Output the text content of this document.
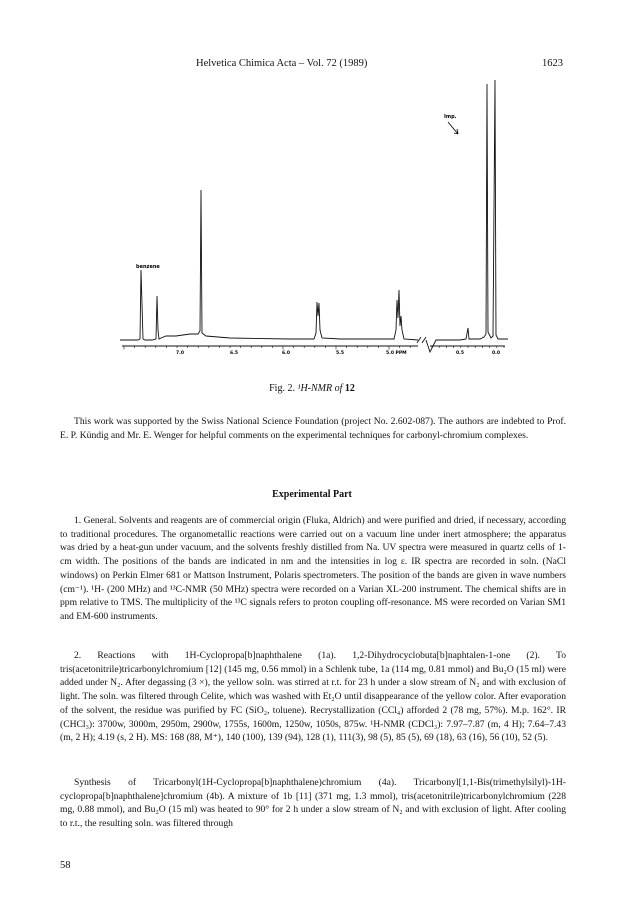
Helvetica Chimica Acta – Vol. 72 (1989)	1623
benzene
Imp.
7.0	6.5	6.0	5.5	5.0 PPM	0.5	0.0
Fig. 2. ¹H-NMR of 12

This work was supported by the Swiss National Science Foundation (project No. 2.602-087). The authors are indebted to Prof. E. P. Kündig and Mr. E. Wenger for helpful comments on the experimental techniques for carbonyl-chromium complexes.

Experimental Part

1. General. Solvents and reagents are of commercial origin (Fluka, Aldrich) and were purified and dried, if necessary, according to traditional procedures. The organometallic reactions were carried out on a vacuum line under inert atmosphere; the apparatus was dried by a heat-gun under vacuum, and the solvents freshly distilled from Na. UV spectra were measured in quartz cells of 1-cm width. The positions of the bands are indicated in nm and the intensities in log ε. IR spectra are recorded in soln. (NaCl windows) on Perkin Elmer 681 or Mattson Instrument, Polaris spectrometers. The position of the bands are given in wave numbers (cm⁻¹). ¹H- (200 MHz) and ¹³C-NMR (50 MHz) spectra were recorded on a Varian XL-200 instrument. The chemical shifts are in ppm relative to TMS. The multiplicity of the ¹³C signals refers to proton coupling off-resonance. MS were recorded on Varian SM1 and EM-600 instruments.

2. Reactions with 1H-Cyclopropa[b]naphthalene (1a). 1,2-Dihydrocyclobuta[b]naphtalen-1-one (2). To tris(acetonitrile)tricarbonylchromium [12] (145 mg, 0.56 mmol) in a Schlenk tube, 1a (114 mg, 0.81 mmol) and Bu₂O (15 ml) were added under N₂. After degassing (3 ×), the yellow soln. was stirred at r.t. for 23 h under a slow stream of N₂ and with exclusion of light. The soln. was filtered through Celite, which was washed with Et₂O until disappearance of the yellow color. After evaporation of the solvent, the residue was purified by FC (SiO₂, toluene). Recrystallization (CCl₄) afforded 2 (78 mg, 57%). M.p. 162°. IR (CHCl₃): 3700w, 3000m, 2950m, 2900w, 1755s, 1600m, 1250w, 1050s, 875w. ¹H-NMR (CDCl₃): 7.97–7.87 (m, 4 H); 7.64–7.43 (m, 2 H); 4.19 (s, 2 H). MS: 168 (88, M⁺), 140 (100), 139 (94), 128 (1), 111(3), 98 (5), 85 (5), 69 (18), 63 (16), 56 (10), 52 (5).

Synthesis of Tricarbonyl(1H-Cyclopropa[b]naphthalene)chromium (4a). Tricarbonyl[1,1-Bis(trimethylsilyl)-1H-cyclopropa[b]naphthalene]chromium (4b). A mixture of 1b [11] (371 mg, 1.3 mmol), tris(acetonitrile)tricarbonylchromium (228 mg, 0.88 mmol), and Bu₂O (15 ml) was heated to 90° for 2 h under a slow stream of N₂ and with exclusion of light. After cooling to r.t., the resulting soln. was filtered through

58
